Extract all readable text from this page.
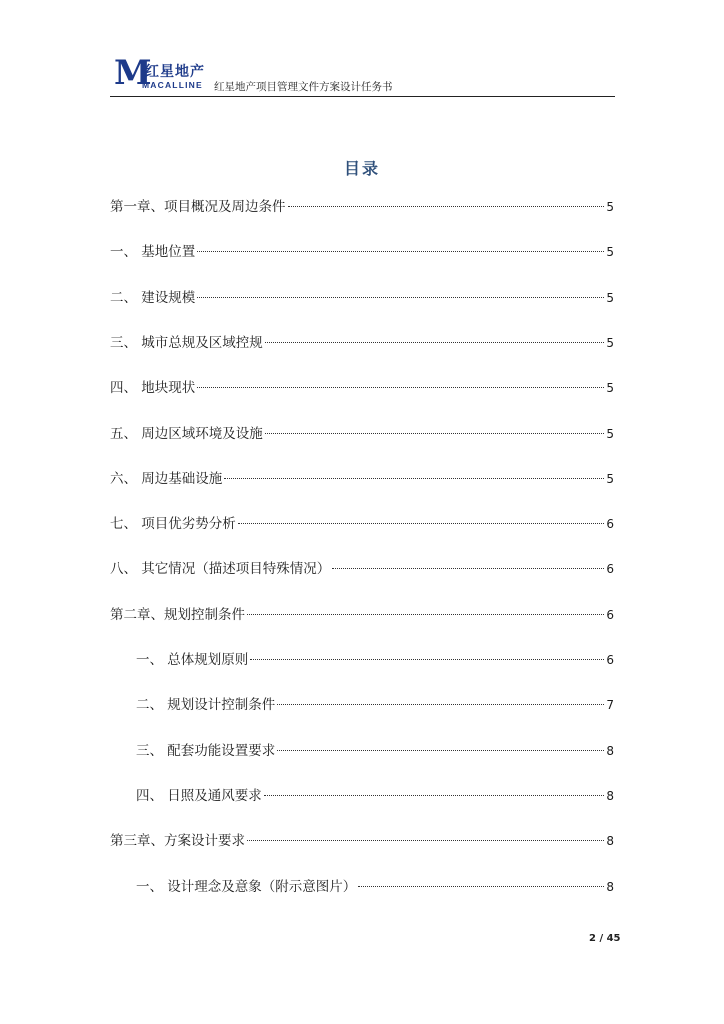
M
红星地产
MACALLINE 红星地产项目管理文件方案设计任务书
目录
第一章、项目概况及周边条件	5
一、 基地位置	5
二、 建设规模	5
三、 城市总规及区域控规	5
四、 地块现状	5
五、 周边区域环境及设施	5
六、 周边基础设施	5
七、 项目优劣势分析	6
八、 其它情况（描述项目特殊情况）	6
第二章、规划控制条件	6
一、 总体规划原则	6
二、 规划设计控制条件	7
三、 配套功能设置要求	8
四、 日照及通风要求	8
第三章、方案设计要求	8
一、 设计理念及意象（附示意图片）	8
2 / 45
